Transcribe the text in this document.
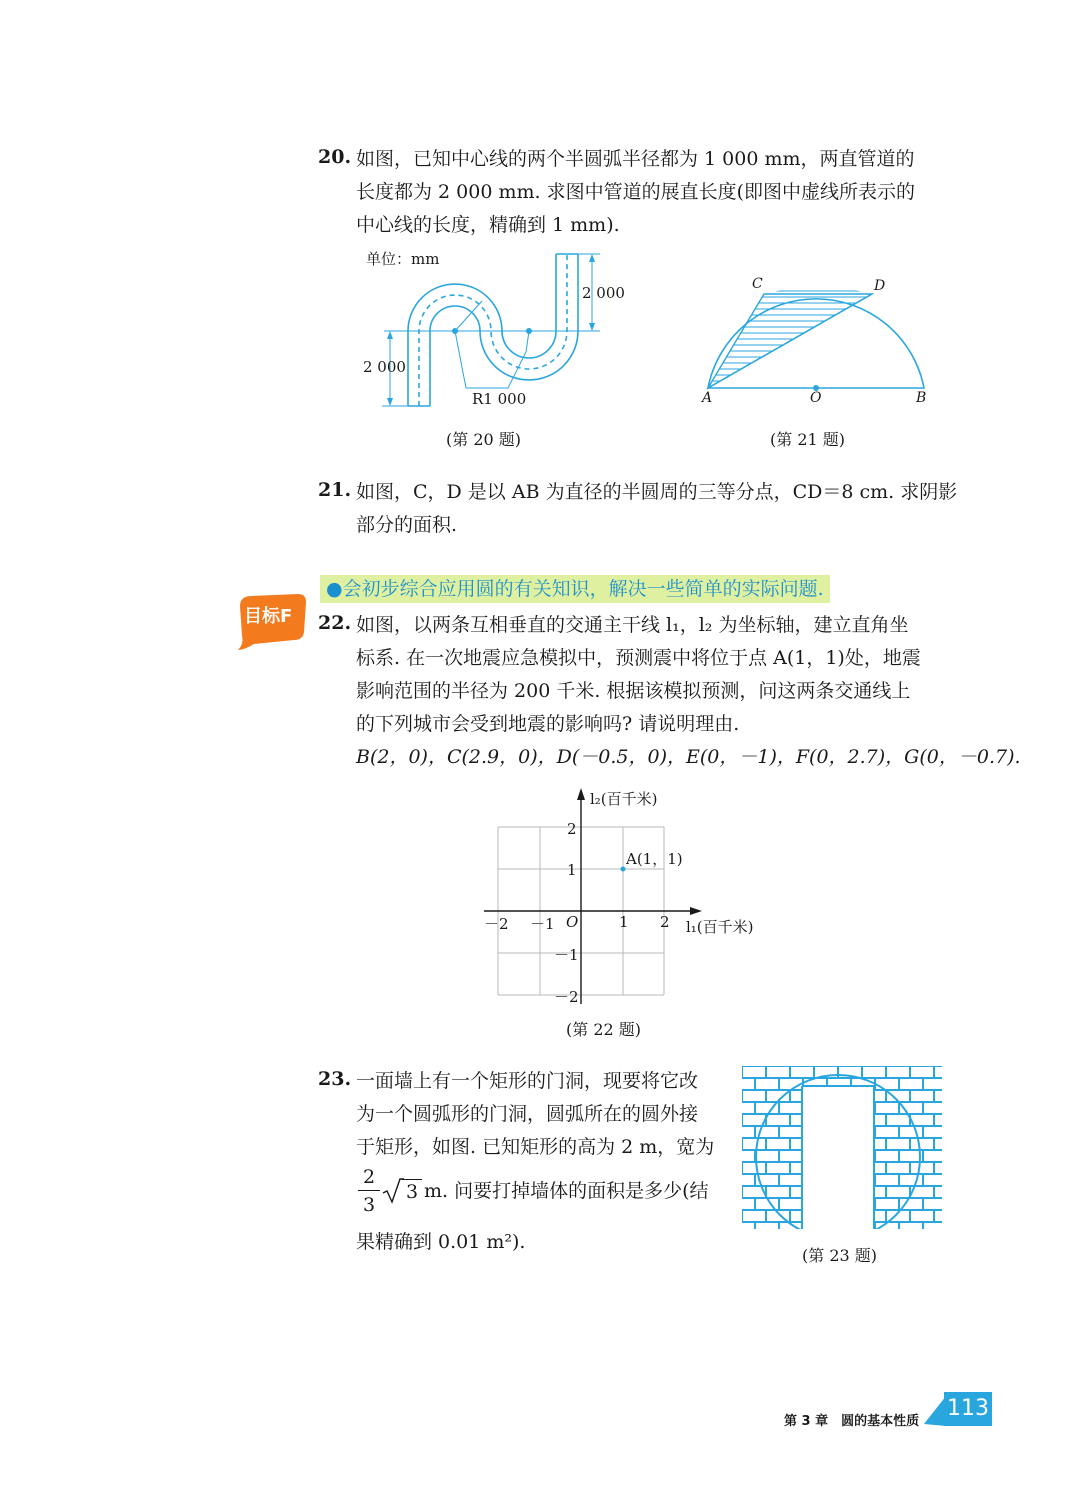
20. 如图，已知中心线的两个半圆弧半径都为 1 000 mm，两直管道的
长度都为 2 000 mm. 求图中管道的展直长度(即图中虚线所表示的
中心线的长度，精确到 1 mm).
单位：mm
2 000
2 000
R1 000
(第 20 题)
C	D
A	O	B
(第 21 题)
21. 如图，C，D 是以 AB 为直径的半圆周的三等分点，CD＝8 cm. 求阴影
部分的面积.
●会初步综合应用圆的有关知识，解决一些简单的实际问题.
目标F 22. 如图，以两条互相垂直的交通主干线 l₁，l₂ 为坐标轴，建立直角坐
标系. 在一次地震应急模拟中，预测震中将位于点 A(1，1)处，地震
影响范围的半径为 200 千米. 根据该模拟预测，问这两条交通线上
的下列城市会受到地震的影响吗? 请说明理由.
B(2，0)，C(2.9，0)，D(－0.5，0)，E(0，－1)，F(0，2.7)，G(0，－0.7).
l₂(百千米)
l₁(百千米)
O
A(1，1)
－2 －1	1 2
2
1
－1
－2
(第 22 题)
23. 一面墙上有一个矩形的门洞，现要将它改
为一个圆弧形的门洞，圆弧所在的圆外接
于矩形，如图. 已知矩形的高为 2 m，宽为
2
3
3 m. 问要打掉墙体的面积是多少(结
果精确到 0.01 m²).
(第 23 题)
第 3 章　圆的基本性质
113
